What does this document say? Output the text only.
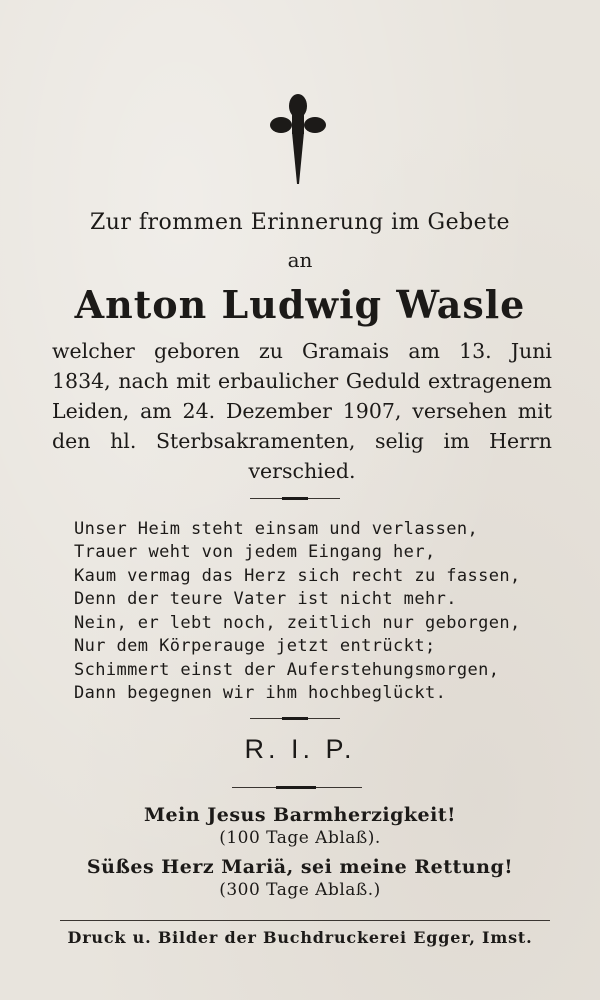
Zur frommen Erinnerung im Gebete
an
Anton Ludwig Wasle
welcher geboren zu Gramais am 13. Juni
1834, nach mit erbaulicher Geduld extragenem
Leiden, am 24. Dezember 1907, versehen mit
den hl. Sterbsakramenten, selig im Herrn
verschied.
Unser Heim steht einsam und verlassen,
Trauer weht von jedem Eingang her,
Kaum vermag das Herz sich recht zu fassen,
Denn der teure Vater ist nicht mehr.
Nein, er lebt noch, zeitlich nur geborgen,
Nur dem Körperauge jetzt entrückt;
Schimmert einst der Auferstehungsmorgen,
Dann begegnen wir ihm hochbeglückt.
R. I. P.
Mein Jesus Barmherzigkeit!
(100 Tage Ablaß).
Süßes Herz Mariä, sei meine Rettung!
(300 Tage Ablaß.)
Druck u. Bilder der Buchdruckerei Egger, Imst.
